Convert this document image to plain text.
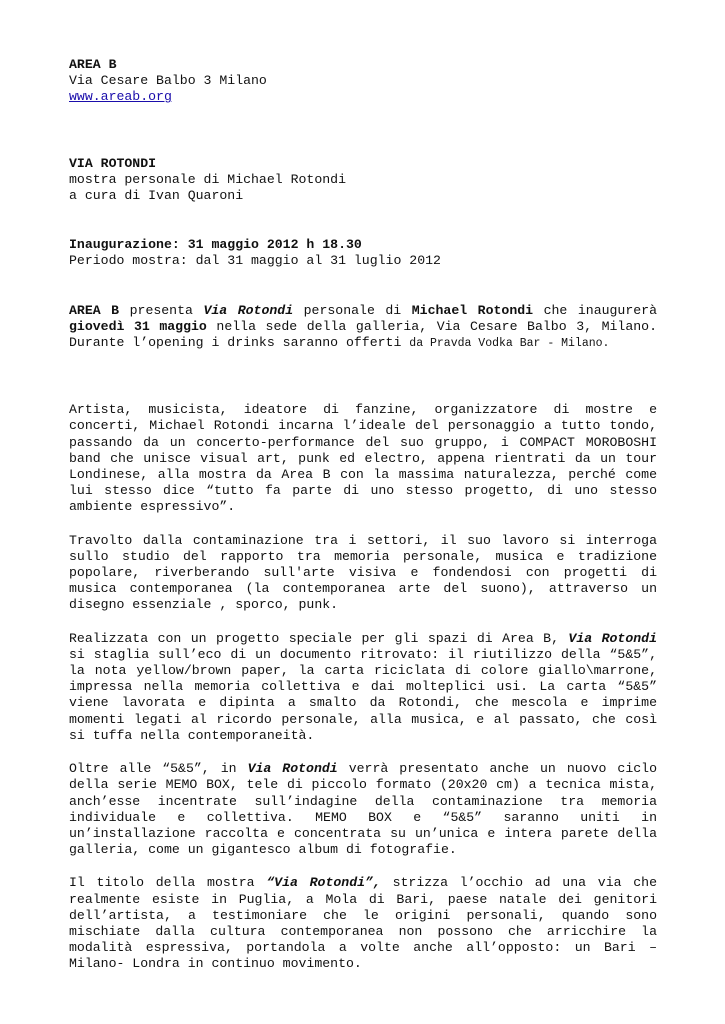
AREA B
Via Cesare Balbo 3 Milano
www.areab.org
VIA ROTONDI
mostra personale di Michael Rotondi
a cura di Ivan Quaroni
Inaugurazione: 31 maggio 2012 h 18.30
Periodo mostra: dal 31 maggio al 31 luglio 2012

AREA B presenta Via Rotondi personale di Michael Rotondi che inaugurerà giovedì 31 maggio nella sede della galleria, Via Cesare Balbo 3, Milano. Durante l’opening i drinks saranno offerti da Pravda Vodka Bar - Milano.

Artista, musicista, ideatore di fanzine, organizzatore di mostre e concerti, Michael Rotondi incarna l’ideale del personaggio a tutto tondo, passando da un concerto-performance del suo gruppo, i COMPACT MOROBOSHI band che unisce visual art, punk ed electro, appena rientrati da un tour Londinese, alla mostra da Area B con la massima naturalezza, perché come lui stesso dice “tutto fa parte di uno stesso progetto, di uno stesso ambiente espressivo”.

Travolto dalla contaminazione tra i settori, il suo lavoro si interroga sullo studio del rapporto tra memoria personale, musica e tradizione popolare, riverberando sull'arte visiva e fondendosi con progetti di musica contemporanea (la contemporanea arte del suono), attraverso un disegno essenziale , sporco, punk.

Realizzata con un progetto speciale per gli spazi di Area B, Via Rotondi si staglia sull’eco di un documento ritrovato: il riutilizzo della “5&5”, la nota yellow/brown paper, la carta riciclata di colore giallo\marrone, impressa nella memoria collettiva e dai molteplici usi. La carta “5&5” viene lavorata e dipinta a smalto da Rotondi, che mescola e imprime momenti legati al ricordo personale, alla musica, e al passato, che così si tuffa nella contemporaneità.

Oltre alle “5&5”, in Via Rotondi verrà presentato anche un nuovo ciclo della serie MEMO BOX, tele di piccolo formato (20x20 cm) a tecnica mista, anch’esse incentrate sull’indagine della contaminazione tra memoria individuale e collettiva. MEMO BOX e “5&5” saranno uniti in un’installazione raccolta e concentrata su un’unica e intera parete della galleria, come un gigantesco album di fotografie.

Il titolo della mostra “Via Rotondi”, strizza l’occhio ad una via che realmente esiste in Puglia, a Mola di Bari, paese natale dei genitori dell’artista, a testimoniare che le origini personali, quando sono mischiate dalla cultura contemporanea non possono che arricchire la modalità espressiva, portandola a volte anche all’opposto: un Bari – Milano- Londra in continuo movimento.
